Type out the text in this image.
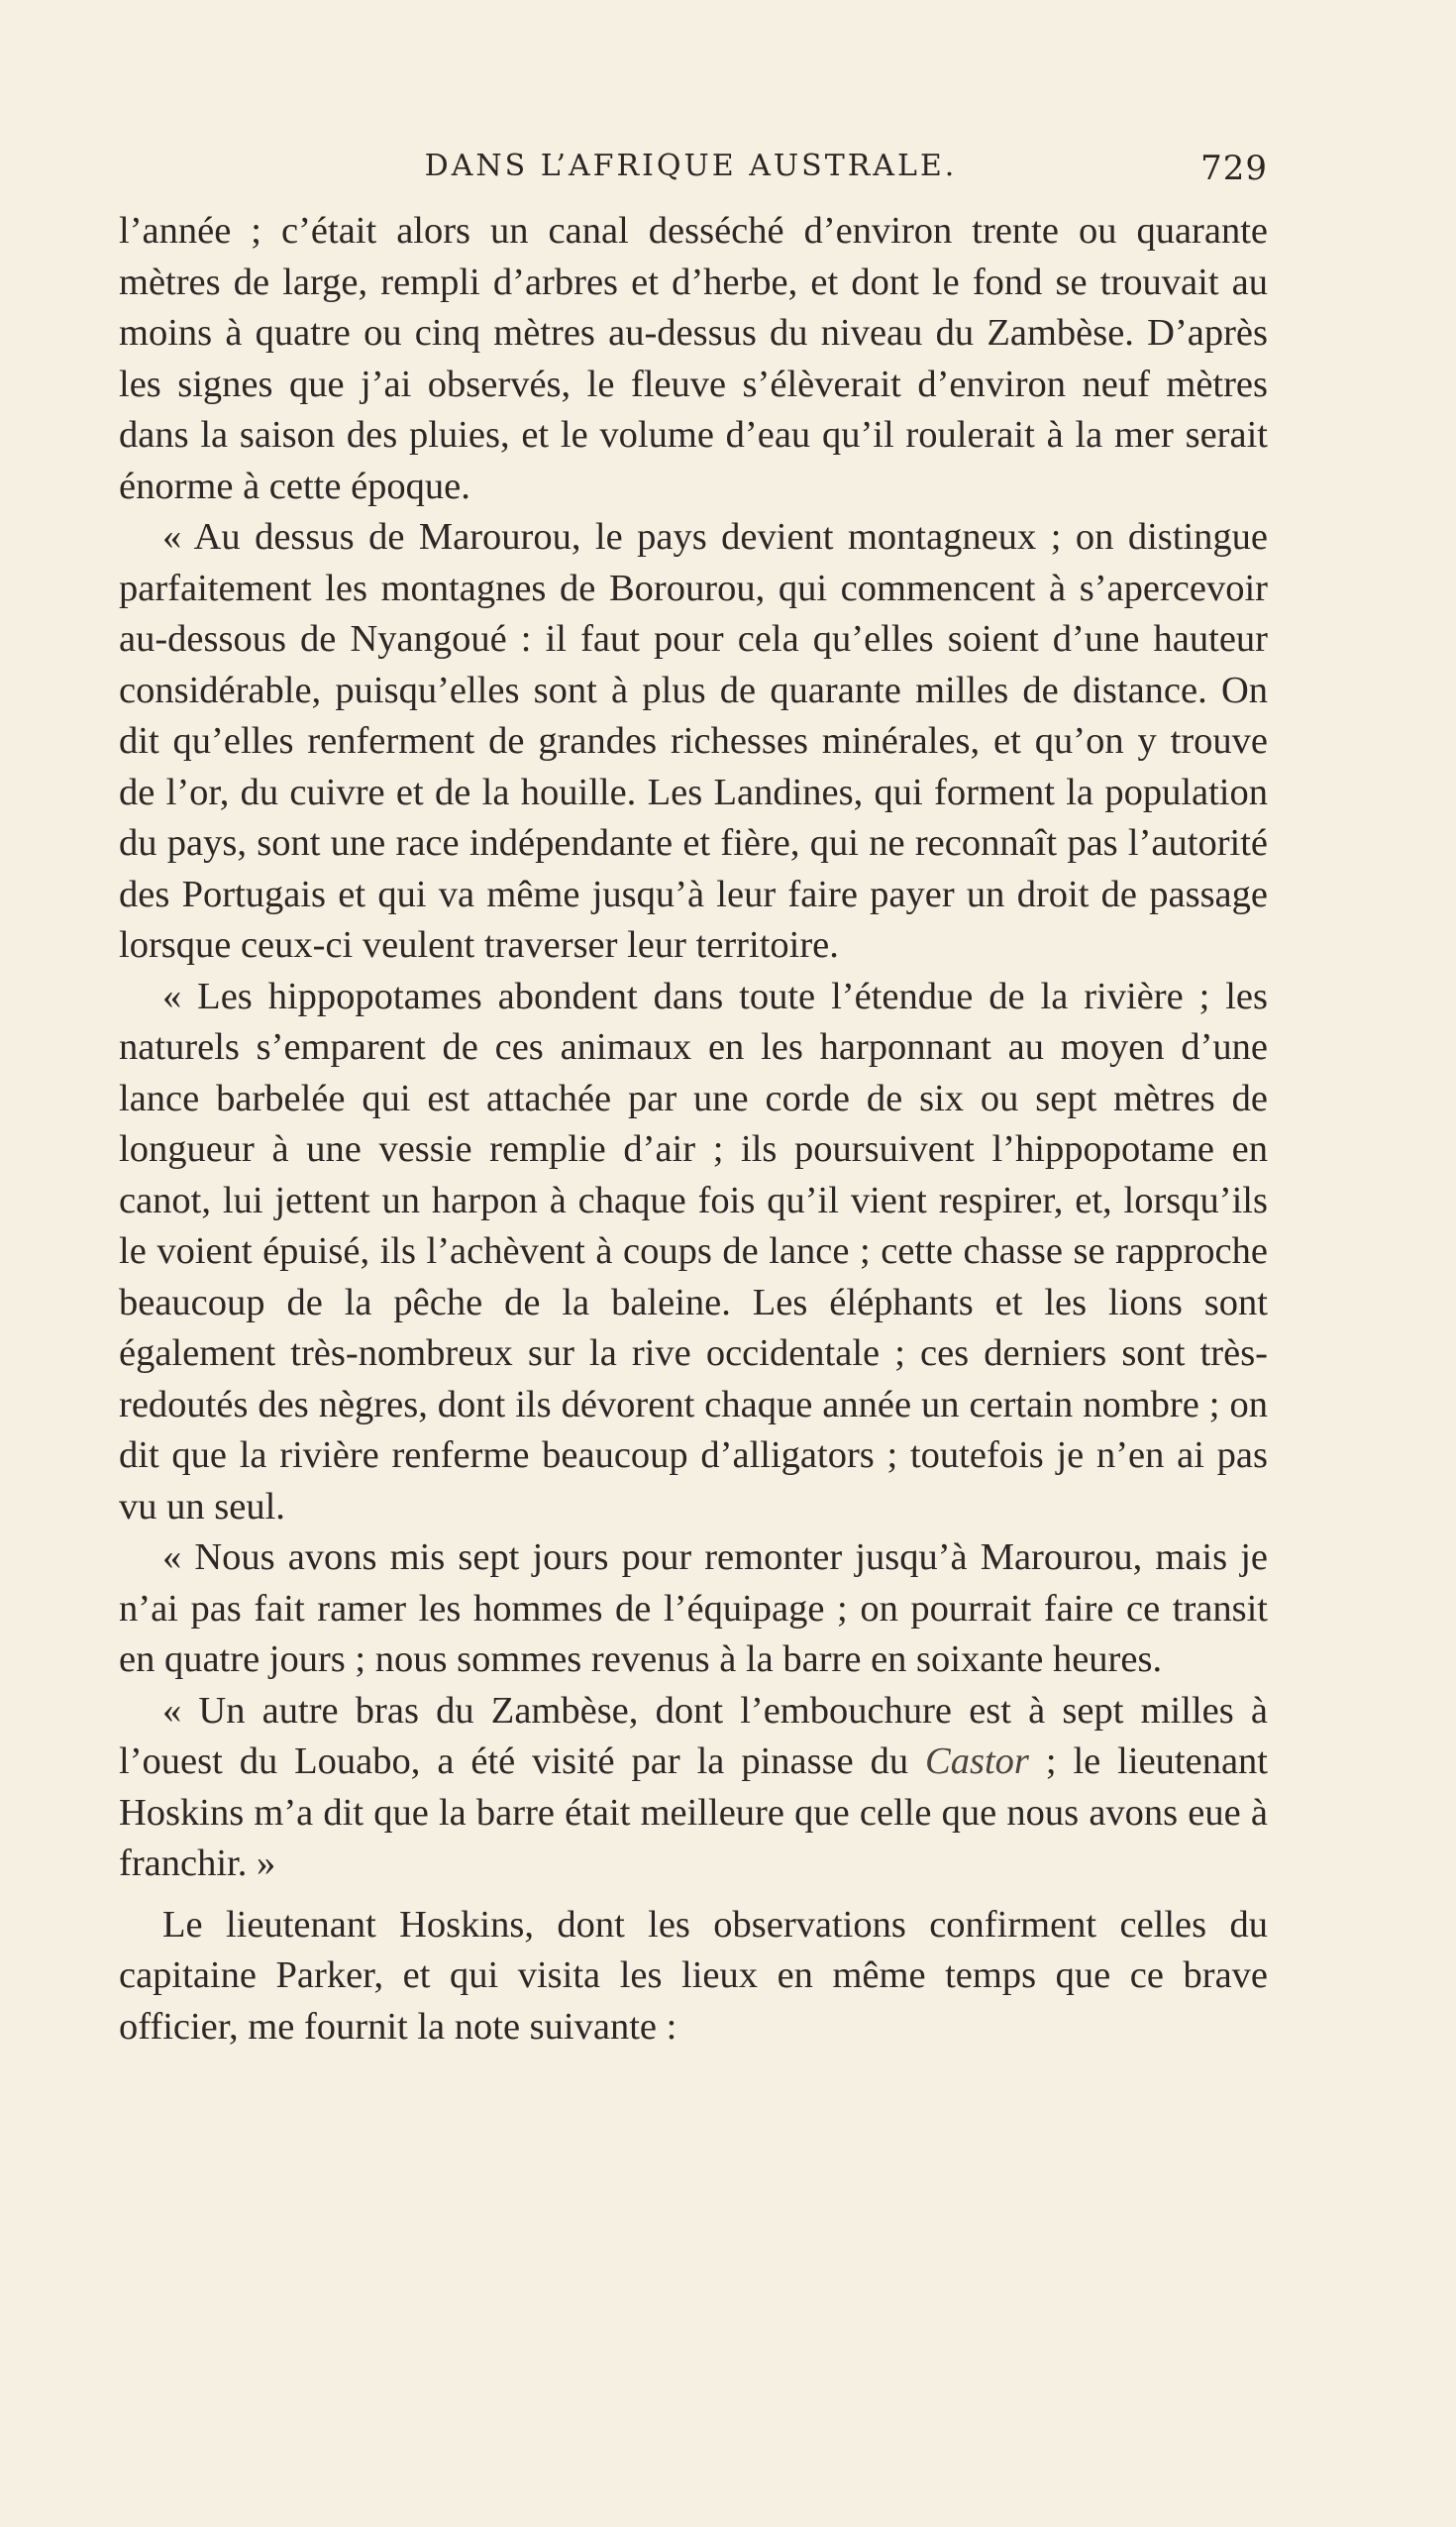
DANS L’AFRIQUE AUSTRALE.	729

l’année ; c’était alors un canal desséché d’environ trente ou quarante mètres de large, rempli d’arbres et d’herbe, et dont le fond se trouvait au moins à quatre ou cinq mètres au-dessus du niveau du Zambèse. D’après les signes que j’ai observés, le fleuve s’élèverait d’environ neuf mètres dans la saison des pluies, et le volume d’eau qu’il roulerait à la mer serait énorme à cette époque.

« Au dessus de Marourou, le pays devient montagneux ; on distingue parfaitement les montagnes de Borourou, qui commencent à s’apercevoir au-dessous de Nyangoué : il faut pour cela qu’elles soient d’une hauteur considérable, puisqu’elles sont à plus de quarante milles de distance. On dit qu’elles renferment de grandes richesses minérales, et qu’on y trouve de l’or, du cuivre et de la houille. Les Landines, qui forment la population du pays, sont une race indépendante et fière, qui ne reconnaît pas l’autorité des Portugais et qui va même jusqu’à leur faire payer un droit de passage lorsque ceux-ci veulent traverser leur territoire.

« Les hippopotames abondent dans toute l’étendue de la rivière ; les naturels s’emparent de ces animaux en les harponnant au moyen d’une lance barbelée qui est attachée par une corde de six ou sept mètres de longueur à une vessie remplie d’air ; ils poursuivent l’hippopotame en canot, lui jettent un harpon à chaque fois qu’il vient respirer, et, lorsqu’ils le voient épuisé, ils l’achèvent à coups de lance ; cette chasse se rapproche beaucoup de la pêche de la baleine. Les éléphants et les lions sont également très-nombreux sur la rive occidentale ; ces derniers sont très-redoutés des nègres, dont ils dévorent chaque année un certain nombre ; on dit que la rivière renferme beaucoup d’alligators ; toutefois je n’en ai pas vu un seul.

« Nous avons mis sept jours pour remonter jusqu’à Marourou, mais je n’ai pas fait ramer les hommes de l’équipage ; on pourrait faire ce transit en quatre jours ; nous sommes revenus à la barre en soixante heures.

« Un autre bras du Zambèse, dont l’embouchure est à sept milles à l’ouest du Louabo, a été visité par la pinasse du Castor ; le lieutenant Hoskins m’a dit que la barre était meilleure que celle que nous avons eue à franchir. »

Le lieutenant Hoskins, dont les observations confirment celles du capitaine Parker, et qui visita les lieux en même temps que ce brave officier, me fournit la note suivante :
